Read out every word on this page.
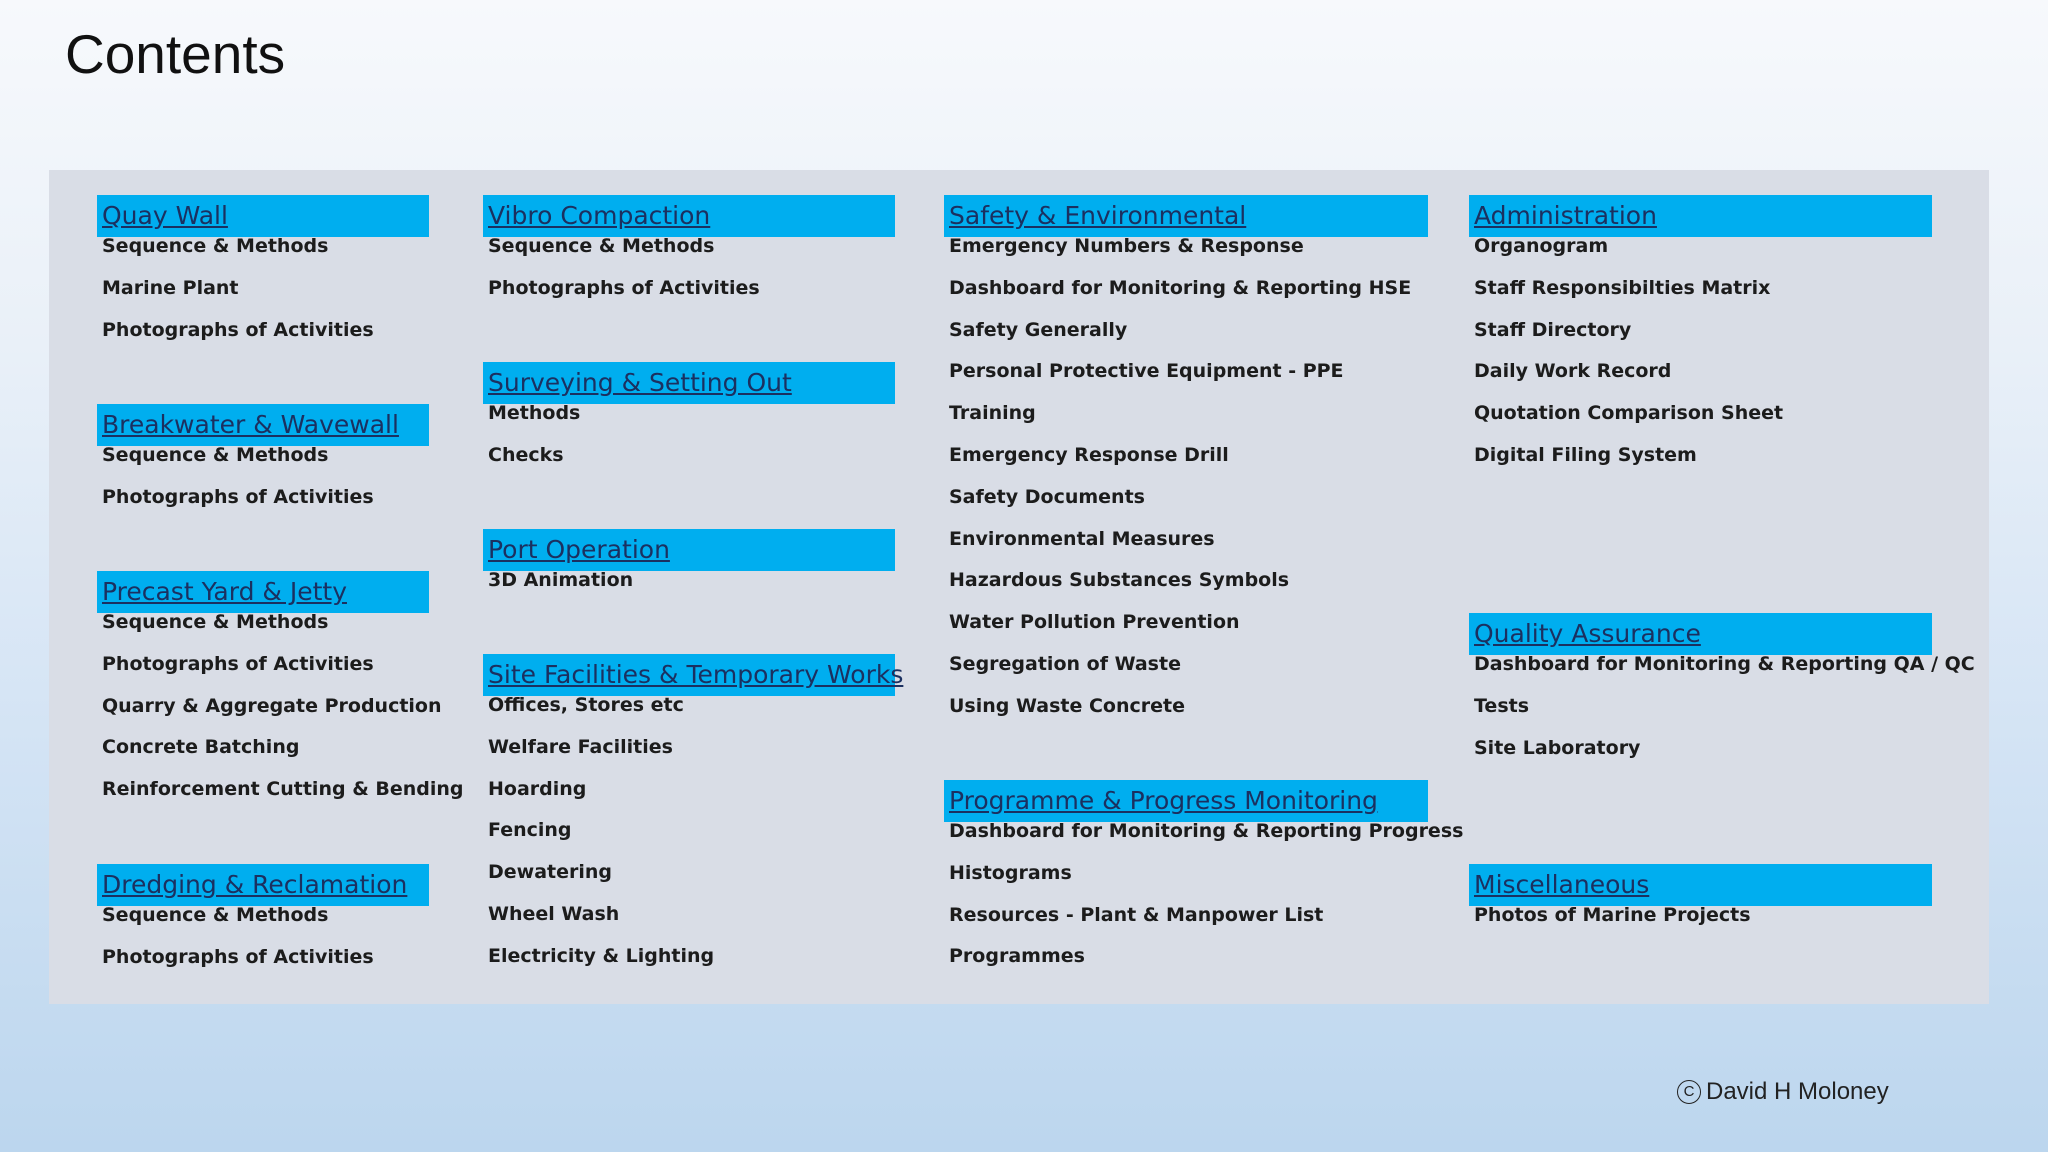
Contents
Quay Wall
Sequence & Methods
Marine Plant
Photographs of Activities
Breakwater & Wavewall
Sequence & Methods
Photographs of Activities
Precast Yard & Jetty
Sequence & Methods
Photographs of Activities
Quarry & Aggregate Production
Concrete Batching
Reinforcement Cutting & Bending
Dredging & Reclamation
Sequence & Methods
Photographs of Activities
Vibro Compaction
Sequence & Methods
Photographs of Activities
Surveying & Setting Out
Methods
Checks
Port Operation
3D Animation
Site Facilities & Temporary Works
Offices, Stores etc
Welfare Facilities
Hoarding
Fencing
Dewatering
Wheel Wash
Electricity & Lighting
Safety & Environmental
Emergency Numbers & Response
Dashboard for Monitoring & Reporting HSE
Safety Generally
Personal Protective Equipment - PPE
Training
Emergency Response Drill
Safety Documents
Environmental Measures
Hazardous Substances Symbols
Water Pollution Prevention
Segregation of Waste
Using Waste Concrete
Programme & Progress Monitoring
Dashboard for Monitoring & Reporting Progress
Histograms
Resources - Plant & Manpower List
Programmes
Administration
Organogram
Staff Responsibilties Matrix
Staff Directory
Daily Work Record
Quotation Comparison Sheet
Digital Filing System
Quality Assurance
Dashboard for Monitoring & Reporting QA / QC
Tests
Site Laboratory
Miscellaneous
Photos of Marine Projects
C David H Moloney
